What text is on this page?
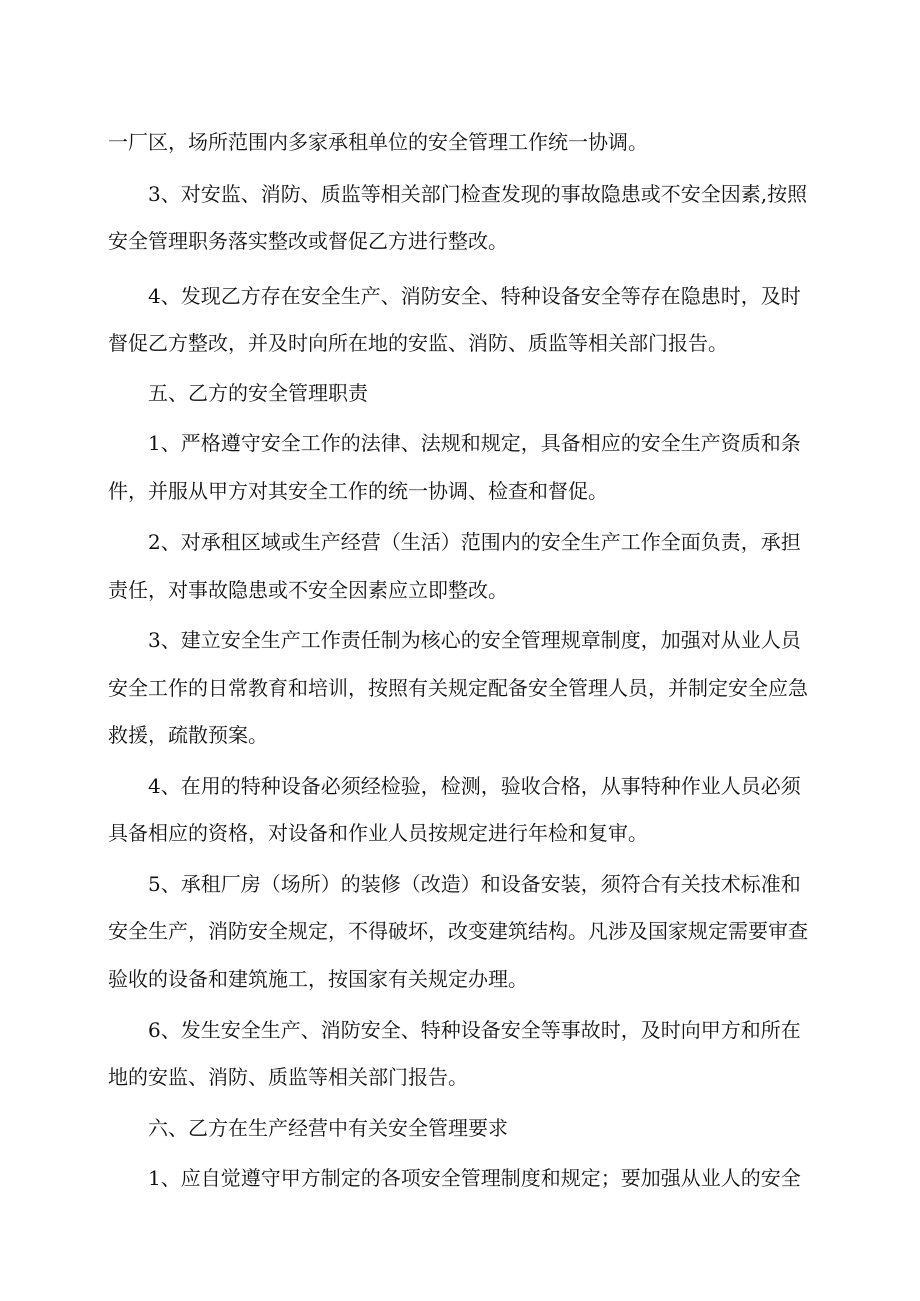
一厂区，场所范围内多家承租单位的安全管理工作统一协调。
3、对安监、消防、质监等相关部门检查发现的事故隐患或不安全因素,按照
安全管理职务落实整改或督促乙方进行整改。
4、发现乙方存在安全生产、消防安全、特种设备安全等存在隐患时，及时
督促乙方整改，并及时向所在地的安监、消防、质监等相关部门报告。
五、乙方的安全管理职责
1、严格遵守安全工作的法律、法规和规定，具备相应的安全生产资质和条
件，并服从甲方对其安全工作的统一协调、检查和督促。
2、对承租区域或生产经营（生活）范围内的安全生产工作全面负责，承担
责任，对事故隐患或不安全因素应立即整改。
3、建立安全生产工作责任制为核心的安全管理规章制度，加强对从业人员
安全工作的日常教育和培训，按照有关规定配备安全管理人员，并制定安全应急
救援，疏散预案。
4、在用的特种设备必须经检验，检测，验收合格，从事特种作业人员必须
具备相应的资格，对设备和作业人员按规定进行年检和复审。
5、承租厂房（场所）的装修（改造）和设备安装，须符合有关技术标准和
安全生产，消防安全规定，不得破坏，改变建筑结构。凡涉及国家规定需要审查
验收的设备和建筑施工，按国家有关规定办理。
6、发生安全生产、消防安全、特种设备安全等事故时，及时向甲方和所在
地的安监、消防、质监等相关部门报告。
六、乙方在生产经营中有关安全管理要求
1、应自觉遵守甲方制定的各项安全管理制度和规定；要加强从业人的安全
